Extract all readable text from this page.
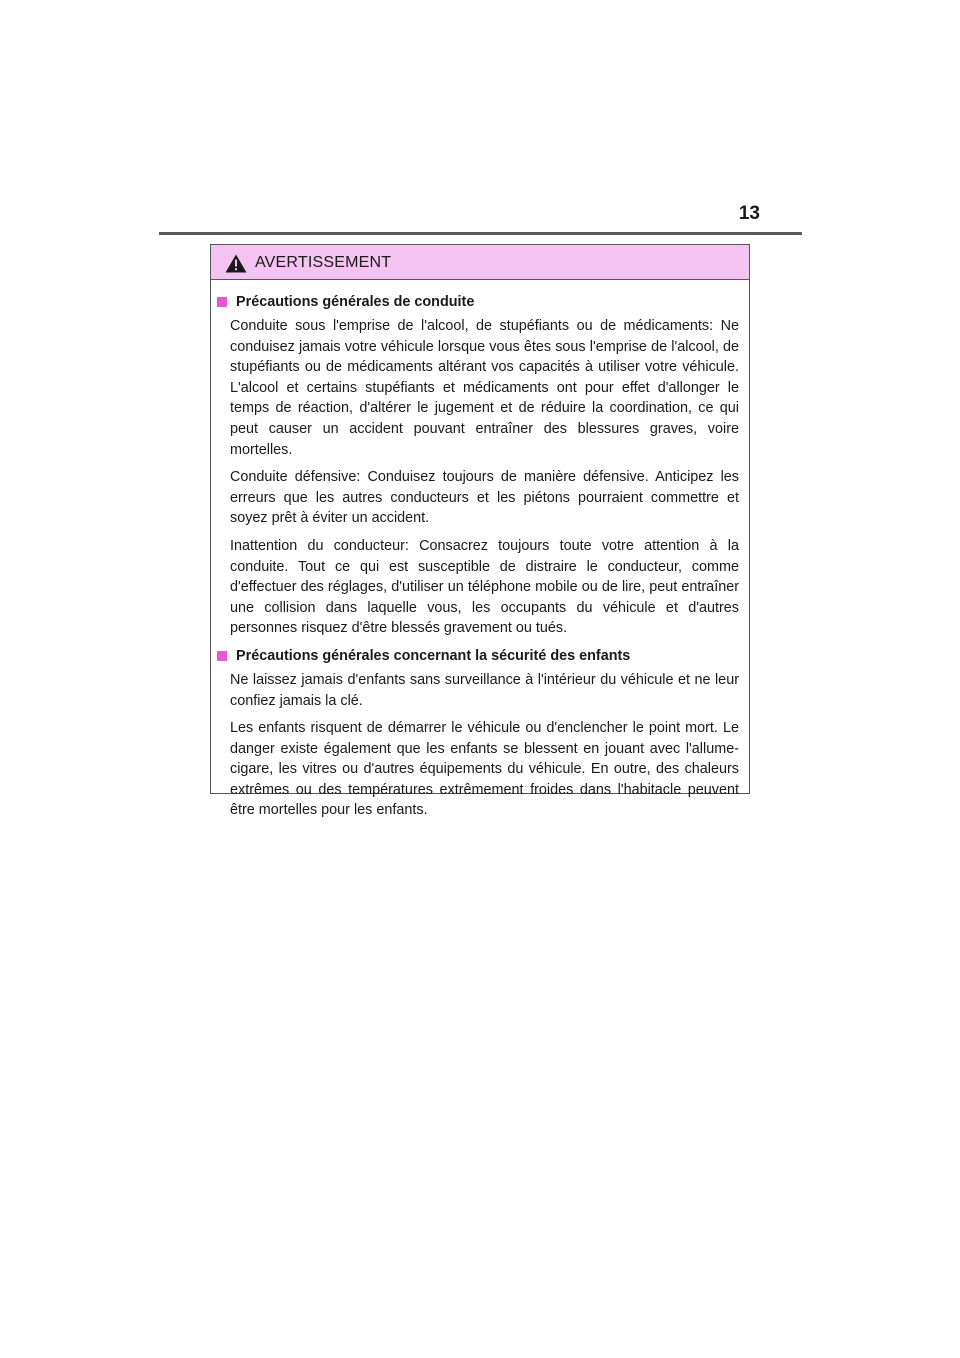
13
AVERTISSEMENT
Précautions générales de conduite

Conduite sous l'emprise de l'alcool, de stupéfiants ou de médicaments: Ne conduisez jamais votre véhicule lorsque vous êtes sous l'emprise de l'alcool, de stupéfiants ou de médicaments altérant vos capacités à utiliser votre véhicule. L'alcool et certains stupéfiants et médicaments ont pour effet d'allonger le temps de réaction, d'altérer le jugement et de réduire la coordination, ce qui peut causer un accident pouvant entraîner des blessures graves, voire mortelles.

Conduite défensive: Conduisez toujours de manière défensive. Anticipez les erreurs que les autres conducteurs et les piétons pourraient commettre et soyez prêt à éviter un accident.

Inattention du conducteur: Consacrez toujours toute votre attention à la conduite. Tout ce qui est susceptible de distraire le conducteur, comme d'effectuer des réglages, d'utiliser un téléphone mobile ou de lire, peut entraîner une collision dans laquelle vous, les occupants du véhicule et d'autres personnes risquez d'être blessés gravement ou tués.

Précautions générales concernant la sécurité des enfants

Ne laissez jamais d'enfants sans surveillance à l'intérieur du véhicule et ne leur confiez jamais la clé.

Les enfants risquent de démarrer le véhicule ou d'enclencher le point mort. Le danger existe également que les enfants se blessent en jouant avec l'allume-cigare, les vitres ou d'autres équipements du véhicule. En outre, des chaleurs extrêmes ou des températures extrêmement froides dans l'habitacle peuvent être mortelles pour les enfants.
